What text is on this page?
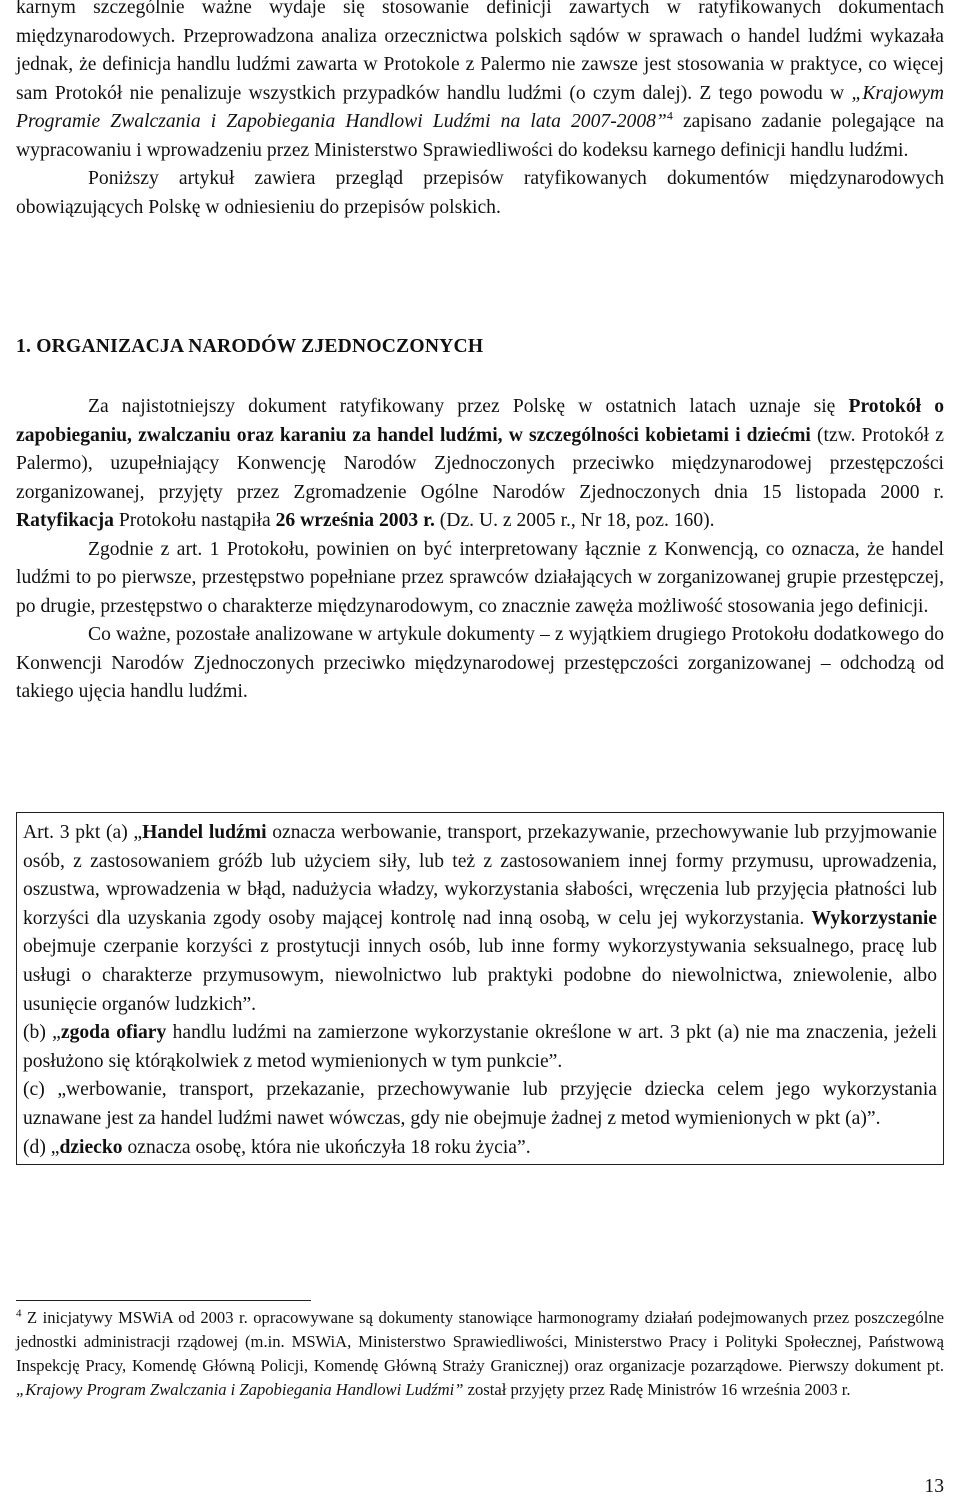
karnym szczególnie ważne wydaje się stosowanie definicji zawartych w ratyfikowanych dokumentach międzynarodowych. Przeprowadzona analiza orzecznictwa polskich sądów w sprawach o handel ludźmi wykazała jednak, że definicja handlu ludźmi zawarta w Protokole z Palermo nie zawsze jest stosowania w praktyce, co więcej sam Protokół nie penalizuje wszystkich przypadków handlu ludźmi (o czym dalej). Z tego powodu w „Krajowym Programie Zwalczania i Zapobiegania Handlowi Ludźmi na lata 2007-2008”$^4$ zapisano zadanie polegające na wypracowaniu i wprowadzeniu przez Ministerstwo Sprawiedliwości do kodeksu karnego definicji handlu ludźmi.

Poniższy artykuł zawiera przegląd przepisów ratyfikowanych dokumentów międzynarodowych obowiązujących Polskę w odniesieniu do przepisów polskich.

1. ORGANIZACJA NARODÓW ZJEDNOCZONYCH

Za najistotniejszy dokument ratyfikowany przez Polskę w ostatnich latach uznaje się Protokół o zapobieganiu, zwalczaniu oraz karaniu za handel ludźmi, w szczególności kobietami i dziećmi (tzw. Protokół z Palermo), uzupełniający Konwencję Narodów Zjednoczonych przeciwko międzynarodowej przestępczości zorganizowanej, przyjęty przez Zgromadzenie Ogólne Narodów Zjednoczonych dnia 15 listopada 2000 r. Ratyfikacja Protokołu nastąpiła 26 września 2003 r. (Dz. U. z 2005 r., Nr 18, poz. 160).

Zgodnie z art. 1 Protokołu, powinien on być interpretowany łącznie z Konwencją, co oznacza, że handel ludźmi to po pierwsze, przestępstwo popełniane przez sprawców działających w zorganizowanej grupie przestępczej, po drugie, przestępstwo o charakterze międzynarodowym, co znacznie zawęża możliwość stosowania jego definicji.

Co ważne, pozostałe analizowane w artykule dokumenty – z wyjątkiem drugiego Protokołu dodatkowego do Konwencji Narodów Zjednoczonych przeciwko międzynarodowej przestępczości zorganizowanej – odchodzą od takiego ujęcia handlu ludźmi.

Art. 3 pkt (a) „Handel ludźmi oznacza werbowanie, transport, przekazywanie, przechowywanie lub przyjmowanie osób, z zastosowaniem gróźb lub użyciem siły, lub też z zastosowaniem innej formy przymusu, uprowadzenia, oszustwa, wprowadzenia w błąd, nadużycia władzy, wykorzystania słabości, wręczenia lub przyjęcia płatności lub korzyści dla uzyskania zgody osoby mającej kontrolę nad inną osobą, w celu jej wykorzystania. Wykorzystanie obejmuje czerpanie korzyści z prostytucji innych osób, lub inne formy wykorzystywania seksualnego, pracę lub usługi o charakterze przymusowym, niewolnictwo lub praktyki podobne do niewolnictwa, zniewolenie, albo usunięcie organów ludzkich”.

(b) „zgoda ofiary handlu ludźmi na zamierzone wykorzystanie określone w art. 3 pkt (a) nie ma znaczenia, jeżeli posłużono się którąkolwiek z metod wymienionych w tym punkcie”.

(c) „werbowanie, transport, przekazanie, przechowywanie lub przyjęcie dziecka celem jego wykorzystania uznawane jest za handel ludźmi nawet wówczas, gdy nie obejmuje żadnej z metod wymienionych w pkt (a)”.

(d) „dziecko oznacza osobę, która nie ukończyła 18 roku życia”.

$^4$ Z inicjatywy MSWiA od 2003 r. opracowywane są dokumenty stanowiące harmonogramy działań podejmowanych przez poszczególne jednostki administracji rządowej (m.in. MSWiA, Ministerstwo Sprawiedliwości, Ministerstwo Pracy i Polityki Społecznej, Państwową Inspekcję Pracy, Komendę Główną Policji, Komendę Główną Straży Granicznej) oraz organizacje pozarządowe. Pierwszy dokument pt. „Krajowy Program Zwalczania i Zapobiegania Handlowi Ludźmi” został przyjęty przez Radę Ministrów 16 września 2003 r.
13
